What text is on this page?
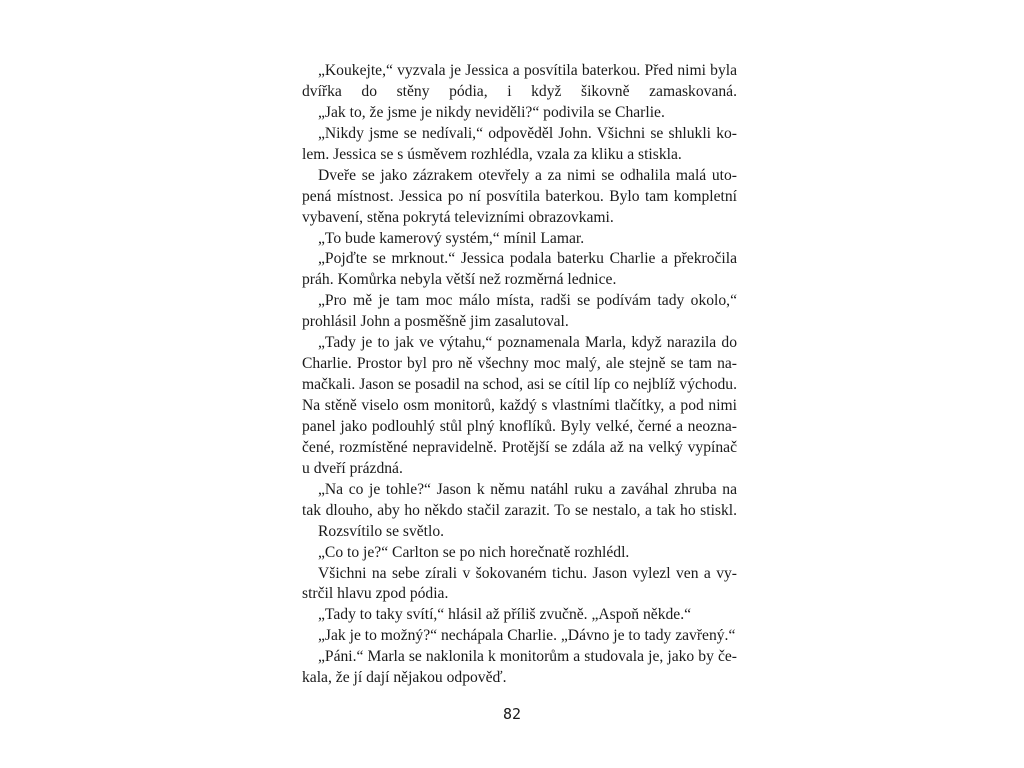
„Koukejte,“ vyzvala je Jessica a posvítila baterkou. Před nimi byla
dvířka do stěny pódia, i když šikovně zamaskovaná.
„Jak to, že jsme je nikdy neviděli?“ podivila se Charlie.
„Nikdy jsme se nedívali,“ odpověděl John. Všichni se shlukli ko-
lem. Jessica se s úsměvem rozhlédla, vzala za kliku a stiskla.
Dveře se jako zázrakem otevřely a za nimi se odhalila malá uto-
pená místnost. Jessica po ní posvítila baterkou. Bylo tam kompletní
vybavení, stěna pokrytá televizními obrazovkami.
„To bude kamerový systém,“ mínil Lamar.
„Pojďte se mrknout.“ Jessica podala baterku Charlie a překročila
práh. Komůrka nebyla větší než rozměrná lednice.
„Pro mě je tam moc málo místa, radši se podívám tady okolo,“
prohlásil John a posměšně jim zasalutoval.
„Tady je to jak ve výtahu,“ poznamenala Marla, když narazila do
Charlie. Prostor byl pro ně všechny moc malý, ale stejně se tam na-
mačkali. Jason se posadil na schod, asi se cítil líp co nejblíž východu.
Na stěně viselo osm monitorů, každý s vlastními tlačítky, a pod nimi
panel jako podlouhlý stůl plný knoflíků. Byly velké, černé a neozna-
čené, rozmístěné nepravidelně. Protější se zdála až na velký vypínač
u dveří prázdná.
„Na co je tohle?“ Jason k němu natáhl ruku a zaváhal zhruba na
tak dlouho, aby ho někdo stačil zarazit. To se nestalo, a tak ho stiskl.
Rozsvítilo se světlo.
„Co to je?“ Carlton se po nich horečnatě rozhlédl.
Všichni na sebe zírali v šokovaném tichu. Jason vylezl ven a vy-
strčil hlavu zpod pódia.
„Tady to taky svítí,“ hlásil až příliš zvučně. „Aspoň někde.“
„Jak je to možný?“ nechápala Charlie. „Dávno je to tady zavřený.“
„Páni.“ Marla se naklonila k monitorům a studovala je, jako by če-
kala, že jí dají nějakou odpověď.
82
